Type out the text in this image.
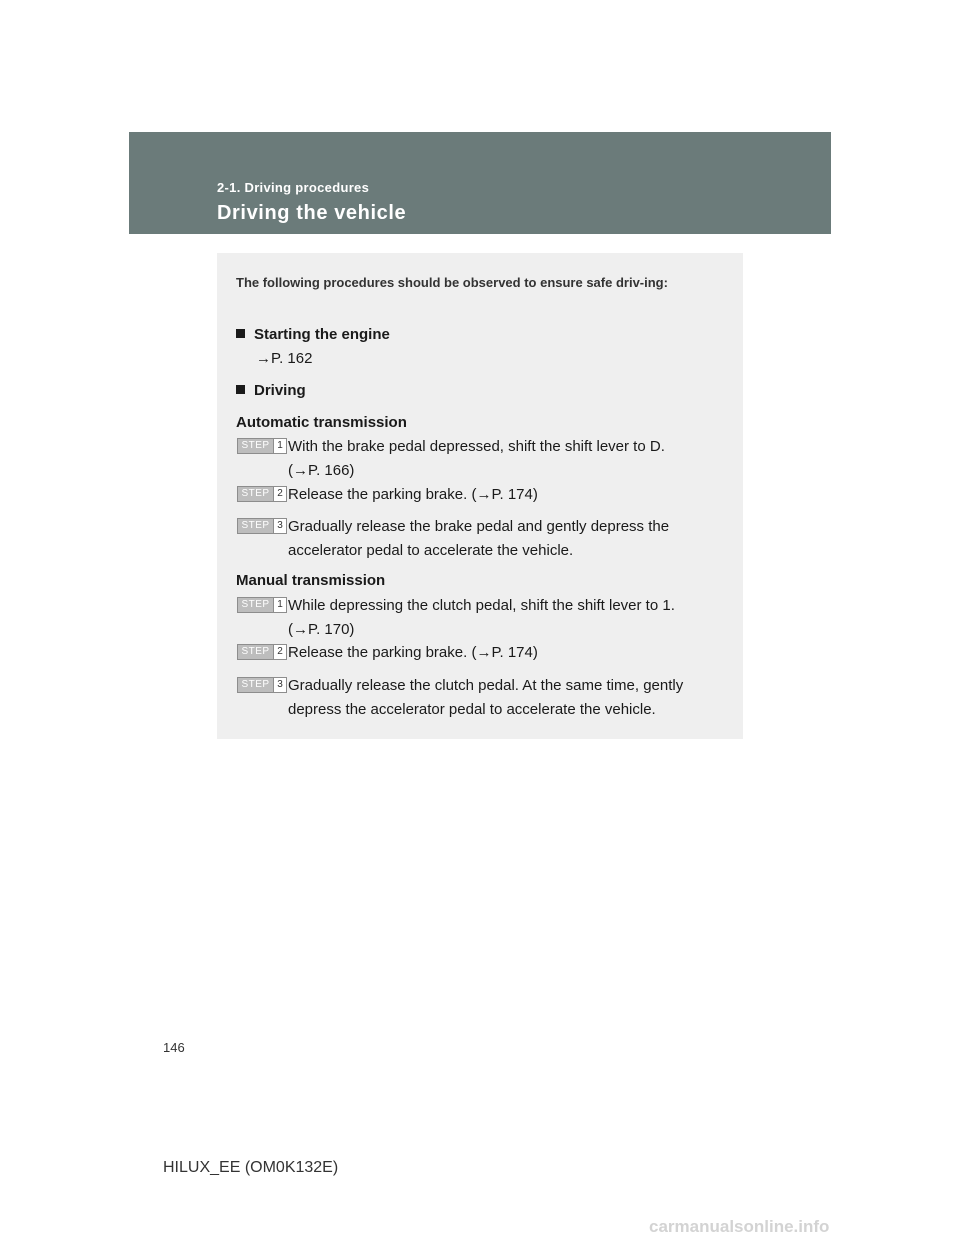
2-1. Driving procedures
Driving the vehicle
The following procedures should be observed to ensure safe driv-ing:
Starting the engine
→P. 162
Driving
Automatic transmission
STEP 1 With the brake pedal depressed, shift the shift lever to D.
(→P. 166)
STEP 2 Release the parking brake. (→P. 174)
STEP 3 Gradually release the brake pedal and gently depress the
accelerator pedal to accelerate the vehicle.
Manual transmission
STEP 1 While depressing the clutch pedal, shift the shift lever to 1.
(→P. 170)
STEP 2 Release the parking brake. (→P. 174)
STEP 3 Gradually release the clutch pedal. At the same time, gently
depress the accelerator pedal to accelerate the vehicle.
146
HILUX_EE (OM0K132E)
carmanualsonline.info
